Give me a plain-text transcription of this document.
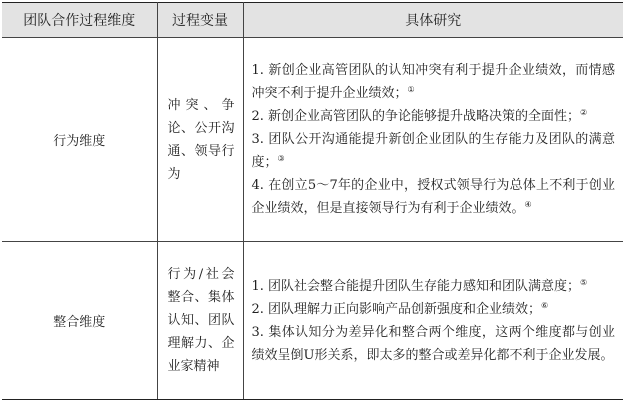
团队合作过程维度	过程变量	具体研究
行为维度	冲突、争论、公开沟通、领导行为	1. 新创企业高管团队的认知冲突有利于提升企业绩效，而情感冲突不利于提升企业绩效；①
2. 新创企业高管团队的争论能够提升战略决策的全面性；②
3. 团队公开沟通能提升新创企业团队的生存能力及团队的满意度；③
4. 在创立5～7年的企业中，授权式领导行为总体上不利于创业企业绩效，但是直接领导行为有利于企业绩效。④

整合维度	行为/社会整合、集体认知、团队理解力、企业家精神	1. 团队社会整合能提升团队生存能力感知和团队满意度；⑤
2. 团队理解力正向影响产品创新强度和企业绩效；⑥
3. 集体认知分为差异化和整合两个维度，这两个维度都与创业绩效呈倒U形关系，即太多的整合或差异化都不利于企业发展。
